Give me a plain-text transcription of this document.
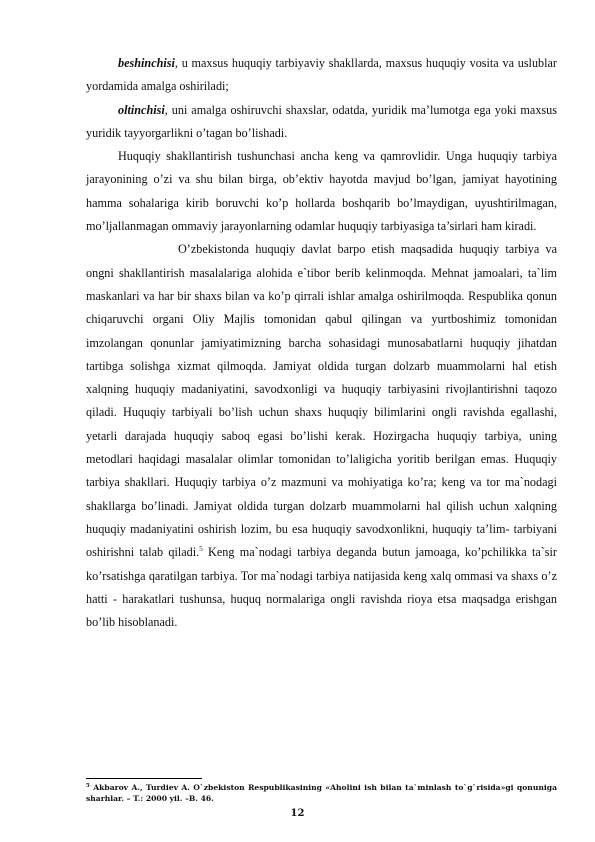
beshinchisi, u maxsus huquqiy tarbiyaviy shakllarda, maxsus huquqiy vosita va uslublar yordamida amalga oshiriladi;

oltinchisi, uni amalga oshiruvchi shaxslar, odatda, yuridik ma’lumotga ega yoki maxsus yuridik tayyorgarlikni o’tagan bo’lishadi.

Huquqiy shakllantirish tushunchasi ancha keng va qamrovlidir. Unga huquqiy tarbiya jarayonining o’zi va shu bilan birga, ob’ektiv hayotda mavjud bo’lgan, jamiyat hayotining hamma sohalariga kirib boruvchi ko’p hollarda boshqarib bo’lmaydigan, uyushtirilmagan, mo’ljallanmagan ommaviy jarayonlarning odamlar huquqiy tarbiyasiga ta’sirlari ham kiradi.

O’zbekistonda huquqiy davlat barpo etish maqsadida huquqiy tarbiya va ongni shakllantirish masalalariga alohida e`tibor berib kelinmoqda. Mehnat jamoalari, ta`lim maskanlari va har bir shaxs bilan va ko’p qirrali ishlar amalga oshirilmoqda. Respublika qonun chiqaruvchi organi Oliy Majlis tomonidan qabul qilingan va yurtboshimiz tomonidan imzolangan qonunlar jamiyatimizning barcha sohasidagi munosabatlarni huquqiy jihatdan tartibga solishga xizmat qilmoqda. Jamiyat oldida turgan dolzarb muammolarni hal etish xalqning huquqiy madaniyatini, savodxonligi va huquqiy tarbiyasini rivojlantirishni taqozo qiladi. Huquqiy tarbiyali bo’lish uchun shaxs huquqiy bilimlarini ongli ravishda egallashi, yetarli darajada huquqiy saboq egasi bo’lishi kerak. Hozirgacha huquqiy tarbiya, uning metodlari haqidagi masalalar olimlar tomonidan to’laligicha yoritib berilgan emas. Huquqiy tarbiya shakllari. Huquqiy tarbiya o’z mazmuni va mohiyatiga ko’ra; keng va tor ma`nodagi shakllarga bo’linadi. Jamiyat oldida turgan dolzarb muammolarni hal qilish uchun xalqning huquqiy madaniyatini oshirish lozim, bu esa huquqiy savodxonlikni, huquqiy ta’lim- tarbiyani oshirishni talab qiladi.$^5$ Keng ma`nodagi tarbiya deganda butun jamoaga, ko’pchilikka ta`sir ko’rsatishga qaratilgan tarbiya. Tor ma`nodagi tarbiya natijasida keng xalq ommasi va shaxs o’z hatti - harakatlari tushunsa, huquq normalariga ongli ravishda rioya etsa maqsadga erishgan bo’lib hisoblanadi.

$^5$ Akbarov A., Turdiev A. O`zbekiston Respublikasining «Aholini ish bilan ta`minlash to`g`risida»gi qonuniga sharhlar. – T.: 2000 yil. –B. 46.
12
